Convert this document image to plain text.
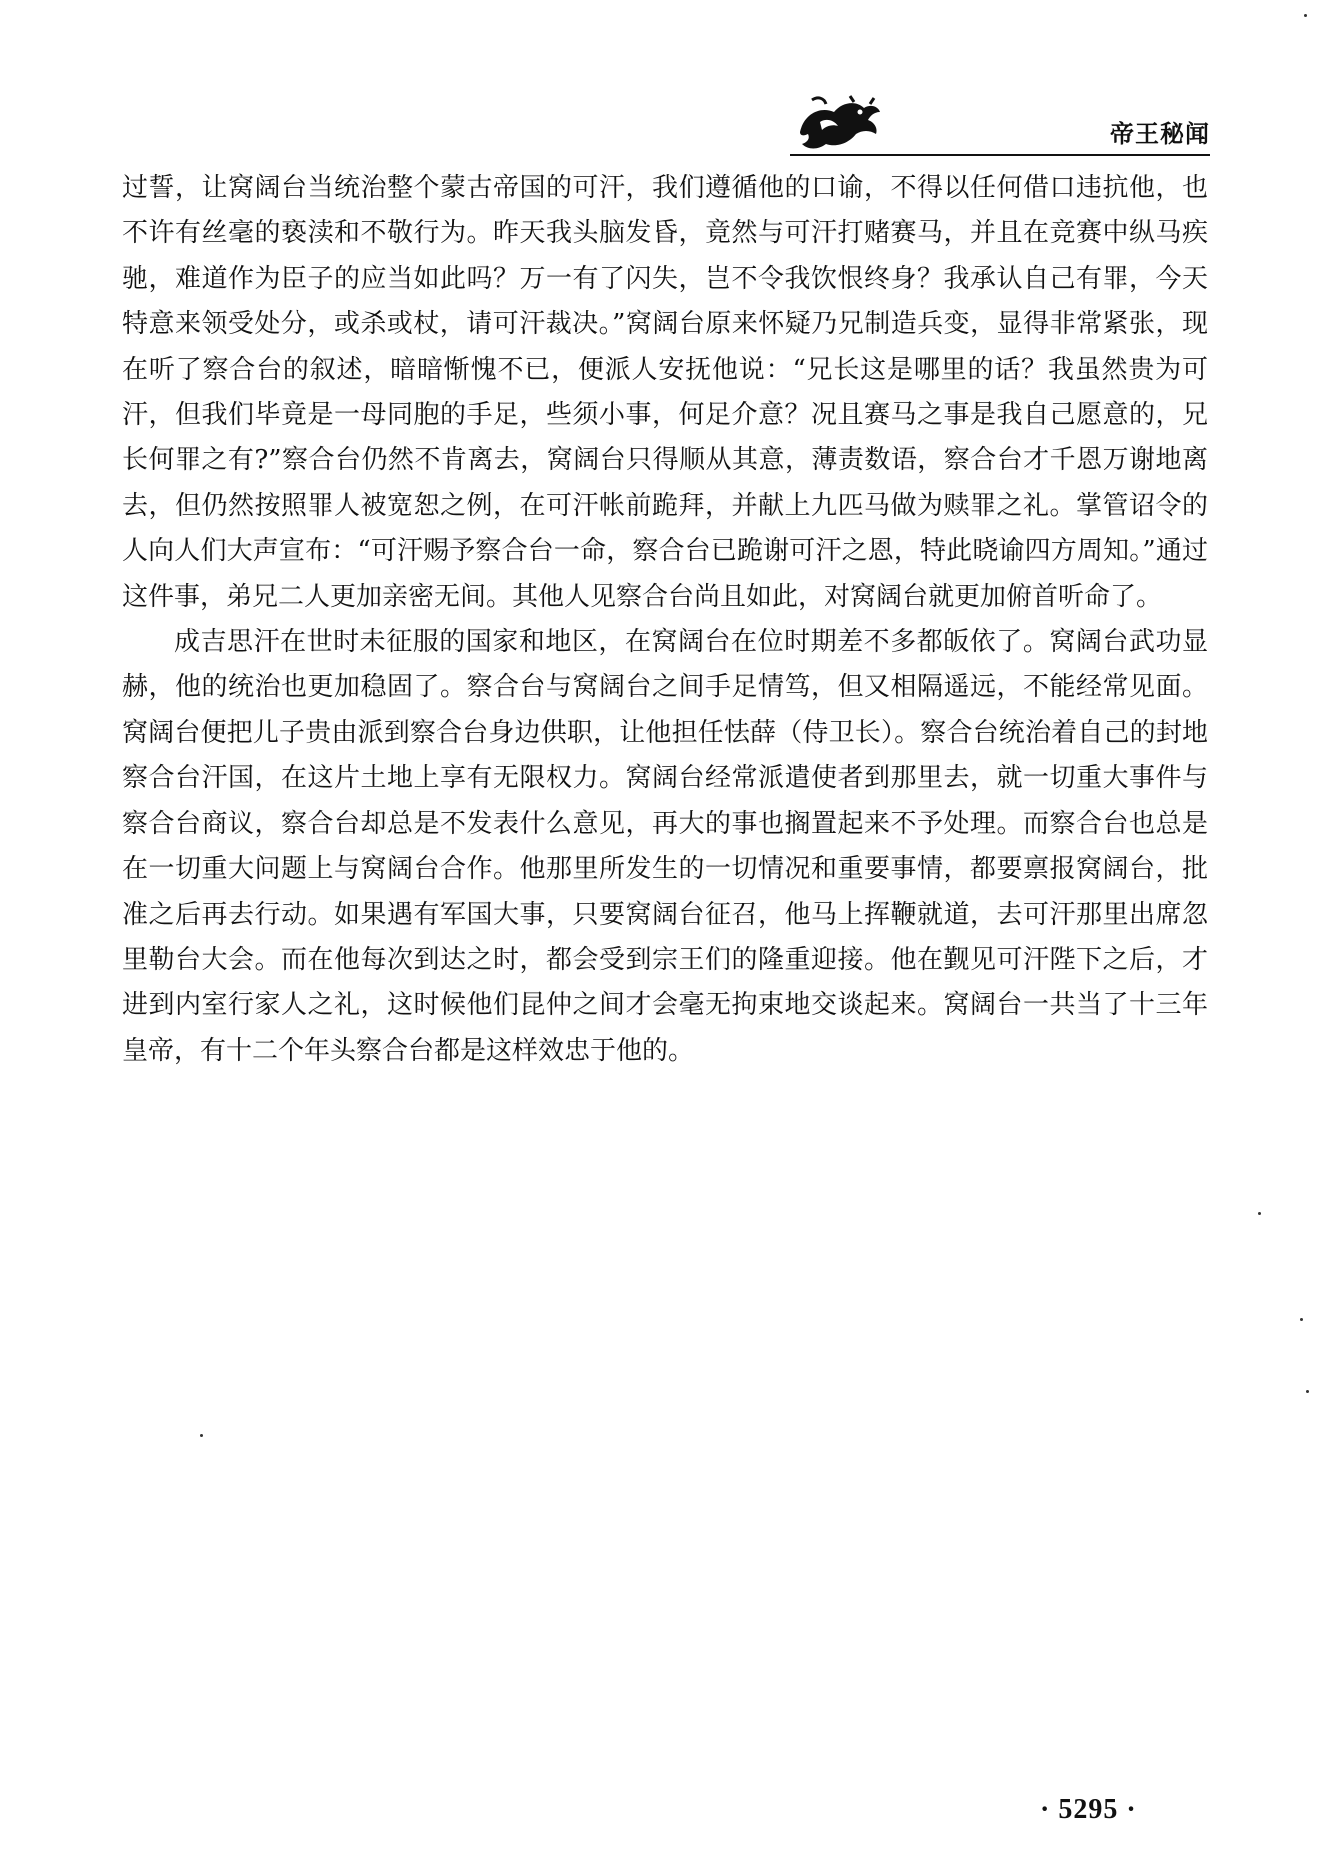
帝王秘闻

过誓，让窝阔台当统治整个蒙古帝国的可汗，我们遵循他的口谕，不得以任何借口违抗他，也不许有丝毫的亵渎和不敬行为。昨天我头脑发昏，竟然与可汗打赌赛马，并且在竞赛中纵马疾驰，难道作为臣子的应当如此吗？万一有了闪失，岂不令我饮恨终身？我承认自己有罪，今天特意来领受处分，或杀或杖，请可汗裁决。”窝阔台原来怀疑乃兄制造兵变，显得非常紧张，现在听了察合台的叙述，暗暗惭愧不已，便派人安抚他说：“兄长这是哪里的话？我虽然贵为可汗，但我们毕竟是一母同胞的手足，些须小事，何足介意？况且赛马之事是我自己愿意的，兄长何罪之有?”察合台仍然不肯离去，窝阔台只得顺从其意，薄责数语，察合台才千恩万谢地离去，但仍然按照罪人被宽恕之例，在可汗帐前跪拜，并献上九匹马做为赎罪之礼。掌管诏令的人向人们大声宣布：“可汗赐予察合台一命，察合台已跪谢可汗之恩，特此晓谕四方周知。”通过这件事，弟兄二人更加亲密无间。其他人见察合台尚且如此，对窝阔台就更加俯首听命了。

成吉思汗在世时未征服的国家和地区，在窝阔台在位时期差不多都皈依了。窝阔台武功显赫，他的统治也更加稳固了。察合台与窝阔台之间手足情笃，但又相隔遥远，不能经常见面。窝阔台便把儿子贵由派到察合台身边供职，让他担任怯薛（侍卫长）。察合台统治着自己的封地察合台汗国，在这片土地上享有无限权力。窝阔台经常派遣使者到那里去，就一切重大事件与察合台商议，察合台却总是不发表什么意见，再大的事也搁置起来不予处理。而察合台也总是在一切重大问题上与窝阔台合作。他那里所发生的一切情况和重要事情，都要禀报窝阔台，批准之后再去行动。如果遇有军国大事，只要窝阔台征召，他马上挥鞭就道，去可汗那里出席忽里勒台大会。而在他每次到达之时，都会受到宗王们的隆重迎接。他在觐见可汗陛下之后，才进到内室行家人之礼，这时候他们昆仲之间才会毫无拘束地交谈起来。窝阔台一共当了十三年皇帝，有十二个年头察合台都是这样效忠于他的。

· 5295 ·
